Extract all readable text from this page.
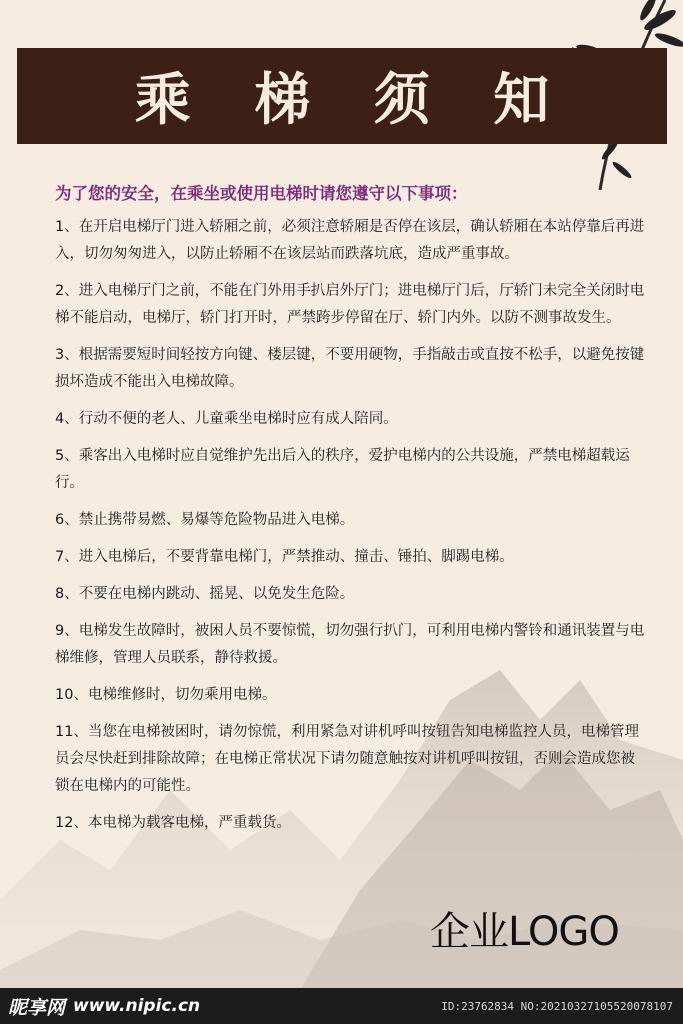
乘 梯 须 知

为了您的安全，在乘坐或使用电梯时请您遵守以下事项：

1、在开启电梯厅门进入轿厢之前，必须注意轿厢是否停在该层，确认轿厢在本站停靠后再进入，切勿匆匆进入，以防止轿厢不在该层站而跌落坑底，造成严重事故。
2、进入电梯厅门之前，不能在门外用手扒启外厅门；进电梯厅门后，厅轿门未完全关闭时电梯不能启动，电梯厅，轿门打开时，严禁跨步停留在厅、轿门内外。以防不测事故发生。
3、根据需要短时间轻按方向键、楼层键，不要用硬物，手指敲击或直按不松手，以避免按键损坏造成不能出入电梯故障。
4、行动不便的老人、儿童乘坐电梯时应有成人陪同。
5、乘客出入电梯时应自觉维护先出后入的秩序，爱护电梯内的公共设施，严禁电梯超载运行。
6、禁止携带易燃、易爆等危险物品进入电梯。
7、进入电梯后，不要背靠电梯门，严禁推动、撞击、锤拍、脚踢电梯。
8、不要在电梯内跳动、摇晃、以免发生危险。
9、电梯发生故障时，被困人员不要惊慌，切勿强行扒门，可利用电梯内警铃和通讯装置与电梯维修，管理人员联系，静待救援。
10、电梯维修时，切勿乘用电梯。
11、当您在电梯被困时，请勿惊慌，利用紧急对讲机呼叫按钮告知电梯监控人员，电梯管理员会尽快赶到排除故障；在电梯正常状况下请勿随意触按对讲机呼叫按钮，否则会造成您被锁在电梯内的可能性。
12、本电梯为载客电梯，严重载货。
企业LOGO
昵享网 www.nipic.cn	ID:23762834 NO:20210327105520078107
